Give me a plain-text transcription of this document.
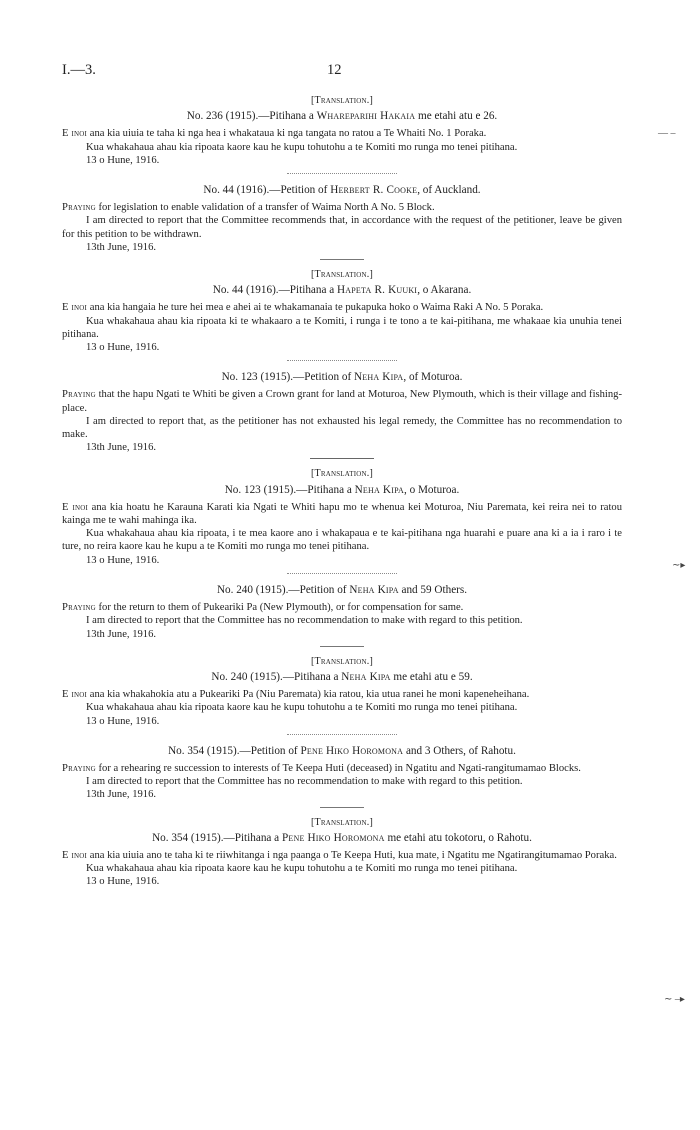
I.—3.	12

[Translation.]

No. 236 (1915).—Pitihana a Whareparihi Hakaia me etahi atu e 26.

E inoi ana kia uiuia te taha ki nga hea i whakataua ki nga tangata no ratou a Te Whaiti No. 1 Poraka.

Kua whakahaua ahau kia ripoata kaore kau he kupu tohutohu a te Komiti mo runga mo tenei pitihana.

13 o Hune, 1916.

No. 44 (1916).—Petition of Herbert R. Cooke, of Auckland.

Praying for legislation to enable validation of a transfer of Waima North A No. 5 Block.

I am directed to report that the Committee recommends that, in accordance with the request of the petitioner, leave be given for this petition to be withdrawn.

13th June, 1916.

[Translation.]

No. 44 (1916).—Pitihana a Hapeta R. Kuuki, o Akarana.

E inoi ana kia hangaia he ture hei mea e ahei ai te whakamanaia te pukapuka hoko o Waima Raki A No. 5 Poraka.

Kua whakahaua ahau kia ripoata ki te whakaaro a te Komiti, i runga i te tono a te kai-pitihana, me whakaae kia unuhia tenei pitihana.

13 o Hune, 1916.

No. 123 (1915).—Petition of Neha Kipa, of Moturoa.

Praying that the hapu Ngati te Whiti be given a Crown grant for land at Moturoa, New Plymouth, which is their village and fishing-place.

I am directed to report that, as the petitioner has not exhausted his legal remedy, the Committee has no recommendation to make.

13th June, 1916.

[Translation.]

No. 123 (1915).—Pitihana a Neha Kipa, o Moturoa.

E inoi ana kia hoatu he Karauna Karati kia Ngati te Whiti hapu mo te whenua kei Moturoa, Niu Paremata, kei reira nei to ratou kainga me te wahi mahinga ika.

Kua whakahaua ahau kia ripoata, i te mea kaore ano i whakapaua e te kai-pitihana nga huarahi e puare ana ki a ia i raro i te ture, no reira kaore kau he kupu a te Komiti mo runga mo tenei pitihana.

13 o Hune, 1916.

No. 240 (1915).—Petition of Neha Kipa and 59 Others.

Praying for the return to them of Pukeariki Pa (New Plymouth), or for compensation for same.

I am directed to report that the Committee has no recommendation to make with regard to this petition.

13th June, 1916.

[Translation.]

No. 240 (1915).—Pitihana a Neha Kipa me etahi atu e 59.

E inoi ana kia whakahokia atu a Pukeariki Pa (Niu Paremata) kia ratou, kia utua ranei he moni kapeneheihana.

Kua whakahaua ahau kia ripoata kaore kau he kupu tohutohu a te Komiti mo runga mo tenei pitihana.

13 o Hune, 1916.

No. 354 (1915).—Petition of Pene Hiko Horomona and 3 Others, of Rahotu.

Praying for a rehearing re succession to interests of Te Keepa Huti (deceased) in Ngatitu and Ngati-rangitumamao Blocks.

I am directed to report that the Committee has no recommendation to make with regard to this petition.

13th June, 1916.

[Translation.]

No. 354 (1915).—Pitihana a Pene Hiko Horomona me etahi atu tokotoru, o Rahotu.

E inoi ana kia uiuia ano te taha ki te riiwhitanga i nga paanga o Te Keepa Huti, kua mate, i Ngatitu me Ngatirangitumamao Poraka.

Kua whakahaua ahau kia ripoata kaore kau he kupu tohutohu a te Komiti mo runga mo tenei pitihana.

13 o Hune, 1916.

— –
∼▸
∼ –▸
